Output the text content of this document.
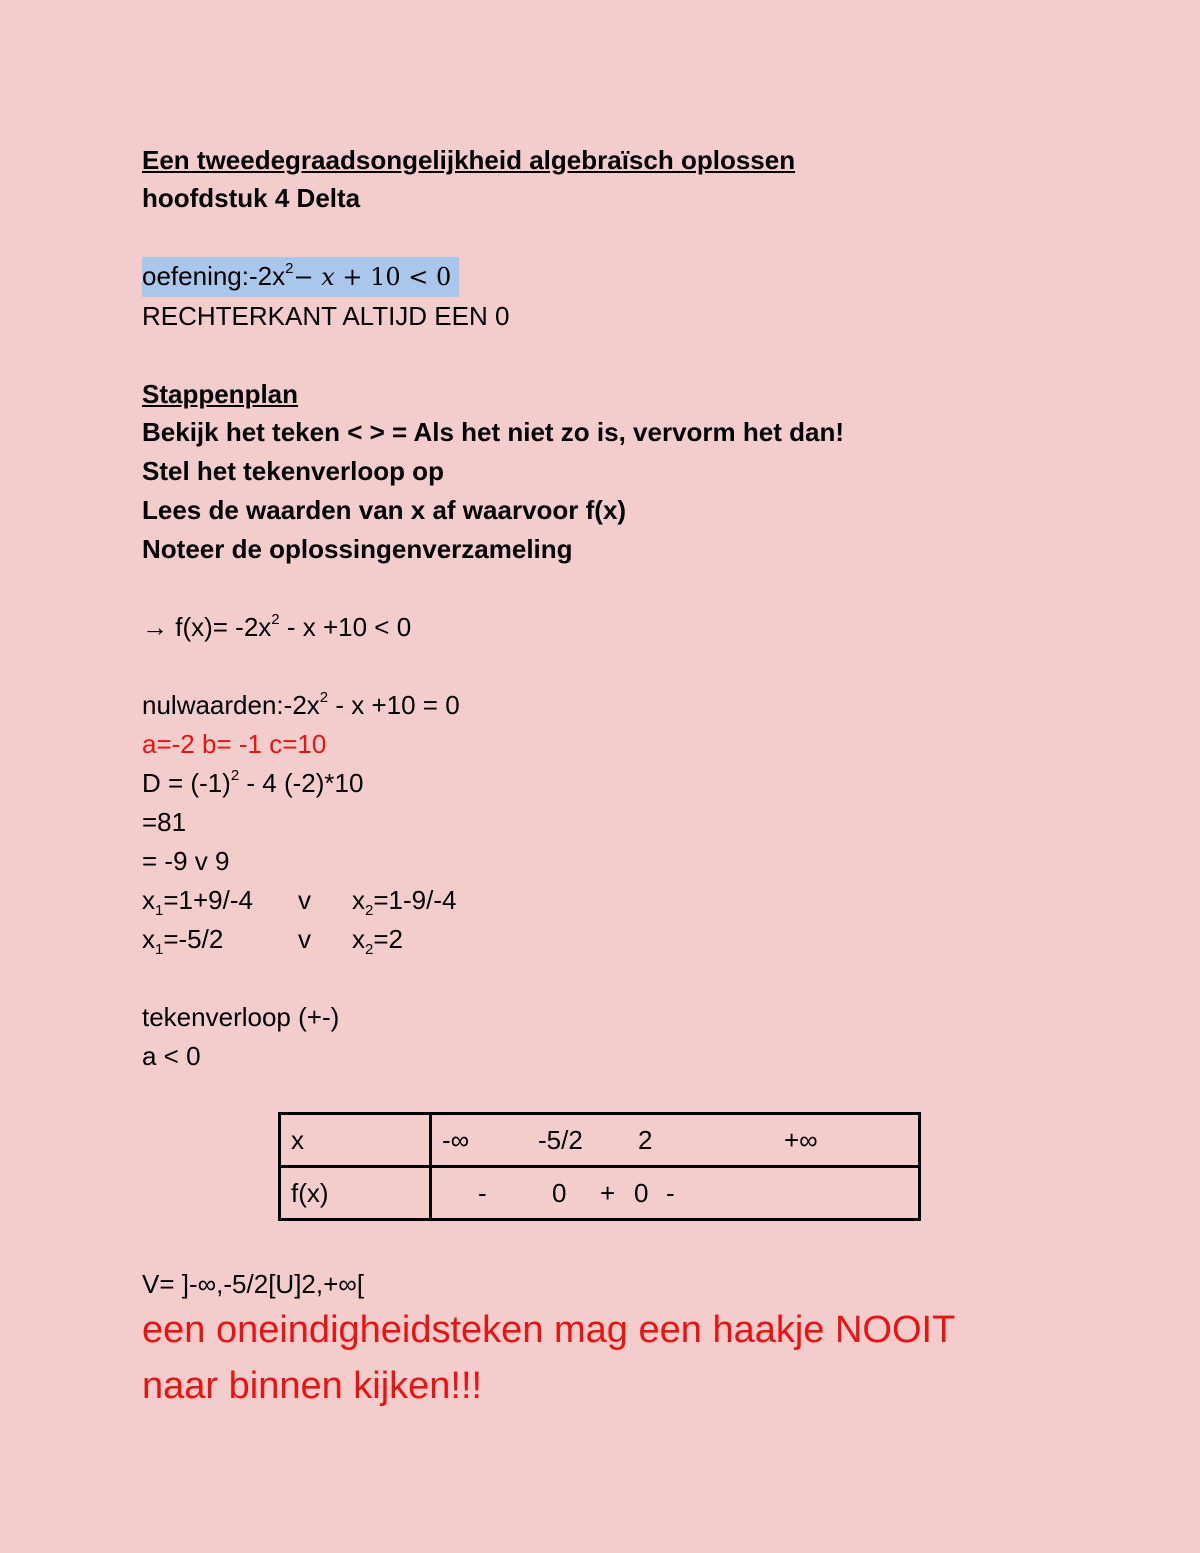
Een tweedegraadsongelijkheid algebraïsch oplossen
hoofdstuk 4 Delta
$oefening:-2x^2-$ 𝑥 + 10 < 0
RECHTERKANT ALTIJD EEN 0
Stappenplan
Bekijk het teken < > = Als het niet zo is, vervorm het dan!
Stel het tekenverloop op
Lees de waarden van x af waarvoor f(x)
Noteer de oplossingenverzameling
→ $f(x)= -2x^2 - x +10 < 0$
$nulwaarden:-2x^2 - x +10 = 0$
a=-2 b= -1 c=10
$D = (-1)^2 - 4$ (-2)*10
=81
= -9 v 9
$x_1=1+9/-4$ v $x_2=1-9/-4$
$x_1=-5/2$	v $x_2=2$
tekenverloop (+-)
a < 0
x	-∞ -5/2 2 +∞
f(x)	- 0 + 0 -
V= ]-∞,-5/2[U]2,+∞[
een oneindigheidsteken mag een haakje NOOIT
naar binnen kijken!!!
